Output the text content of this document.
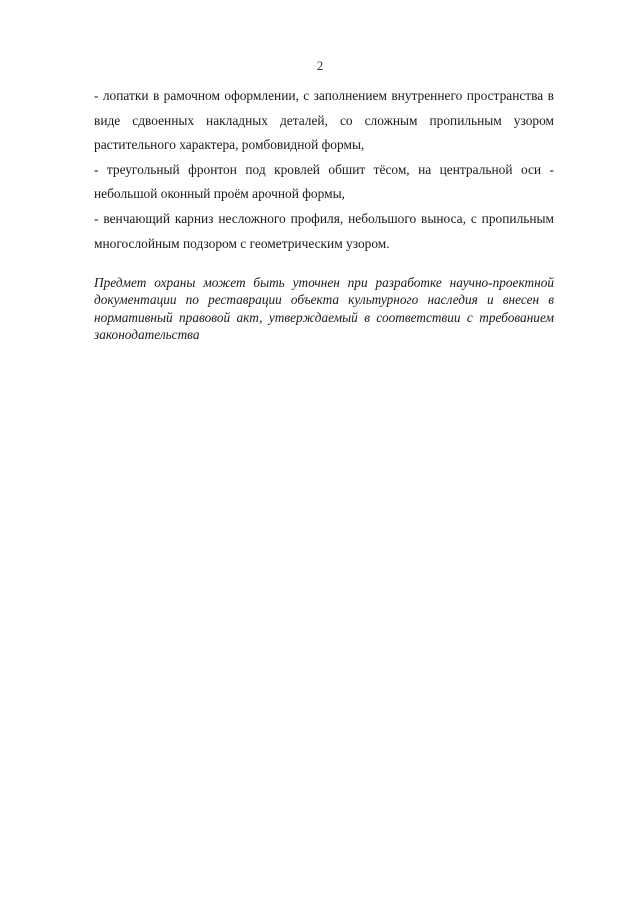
2

- лопатки в рамочном оформлении, с заполнением внутреннего пространства в виде сдвоенных накладных деталей, со сложным пропильным узором растительного характера, ромбовидной формы,

- треугольный фронтон под кровлей обшит тёсом, на центральной оси - небольшой оконный проём арочной формы,

- венчающий карниз несложного профиля, небольшого выноса, с пропильным многослойным подзором с геометрическим узором.

Предмет охраны может быть уточнен при разработке научно-проектной документации по реставрации объекта культурного наследия и внесен в нормативный правовой акт, утверждаемый в соответствии с требованием законодательства
